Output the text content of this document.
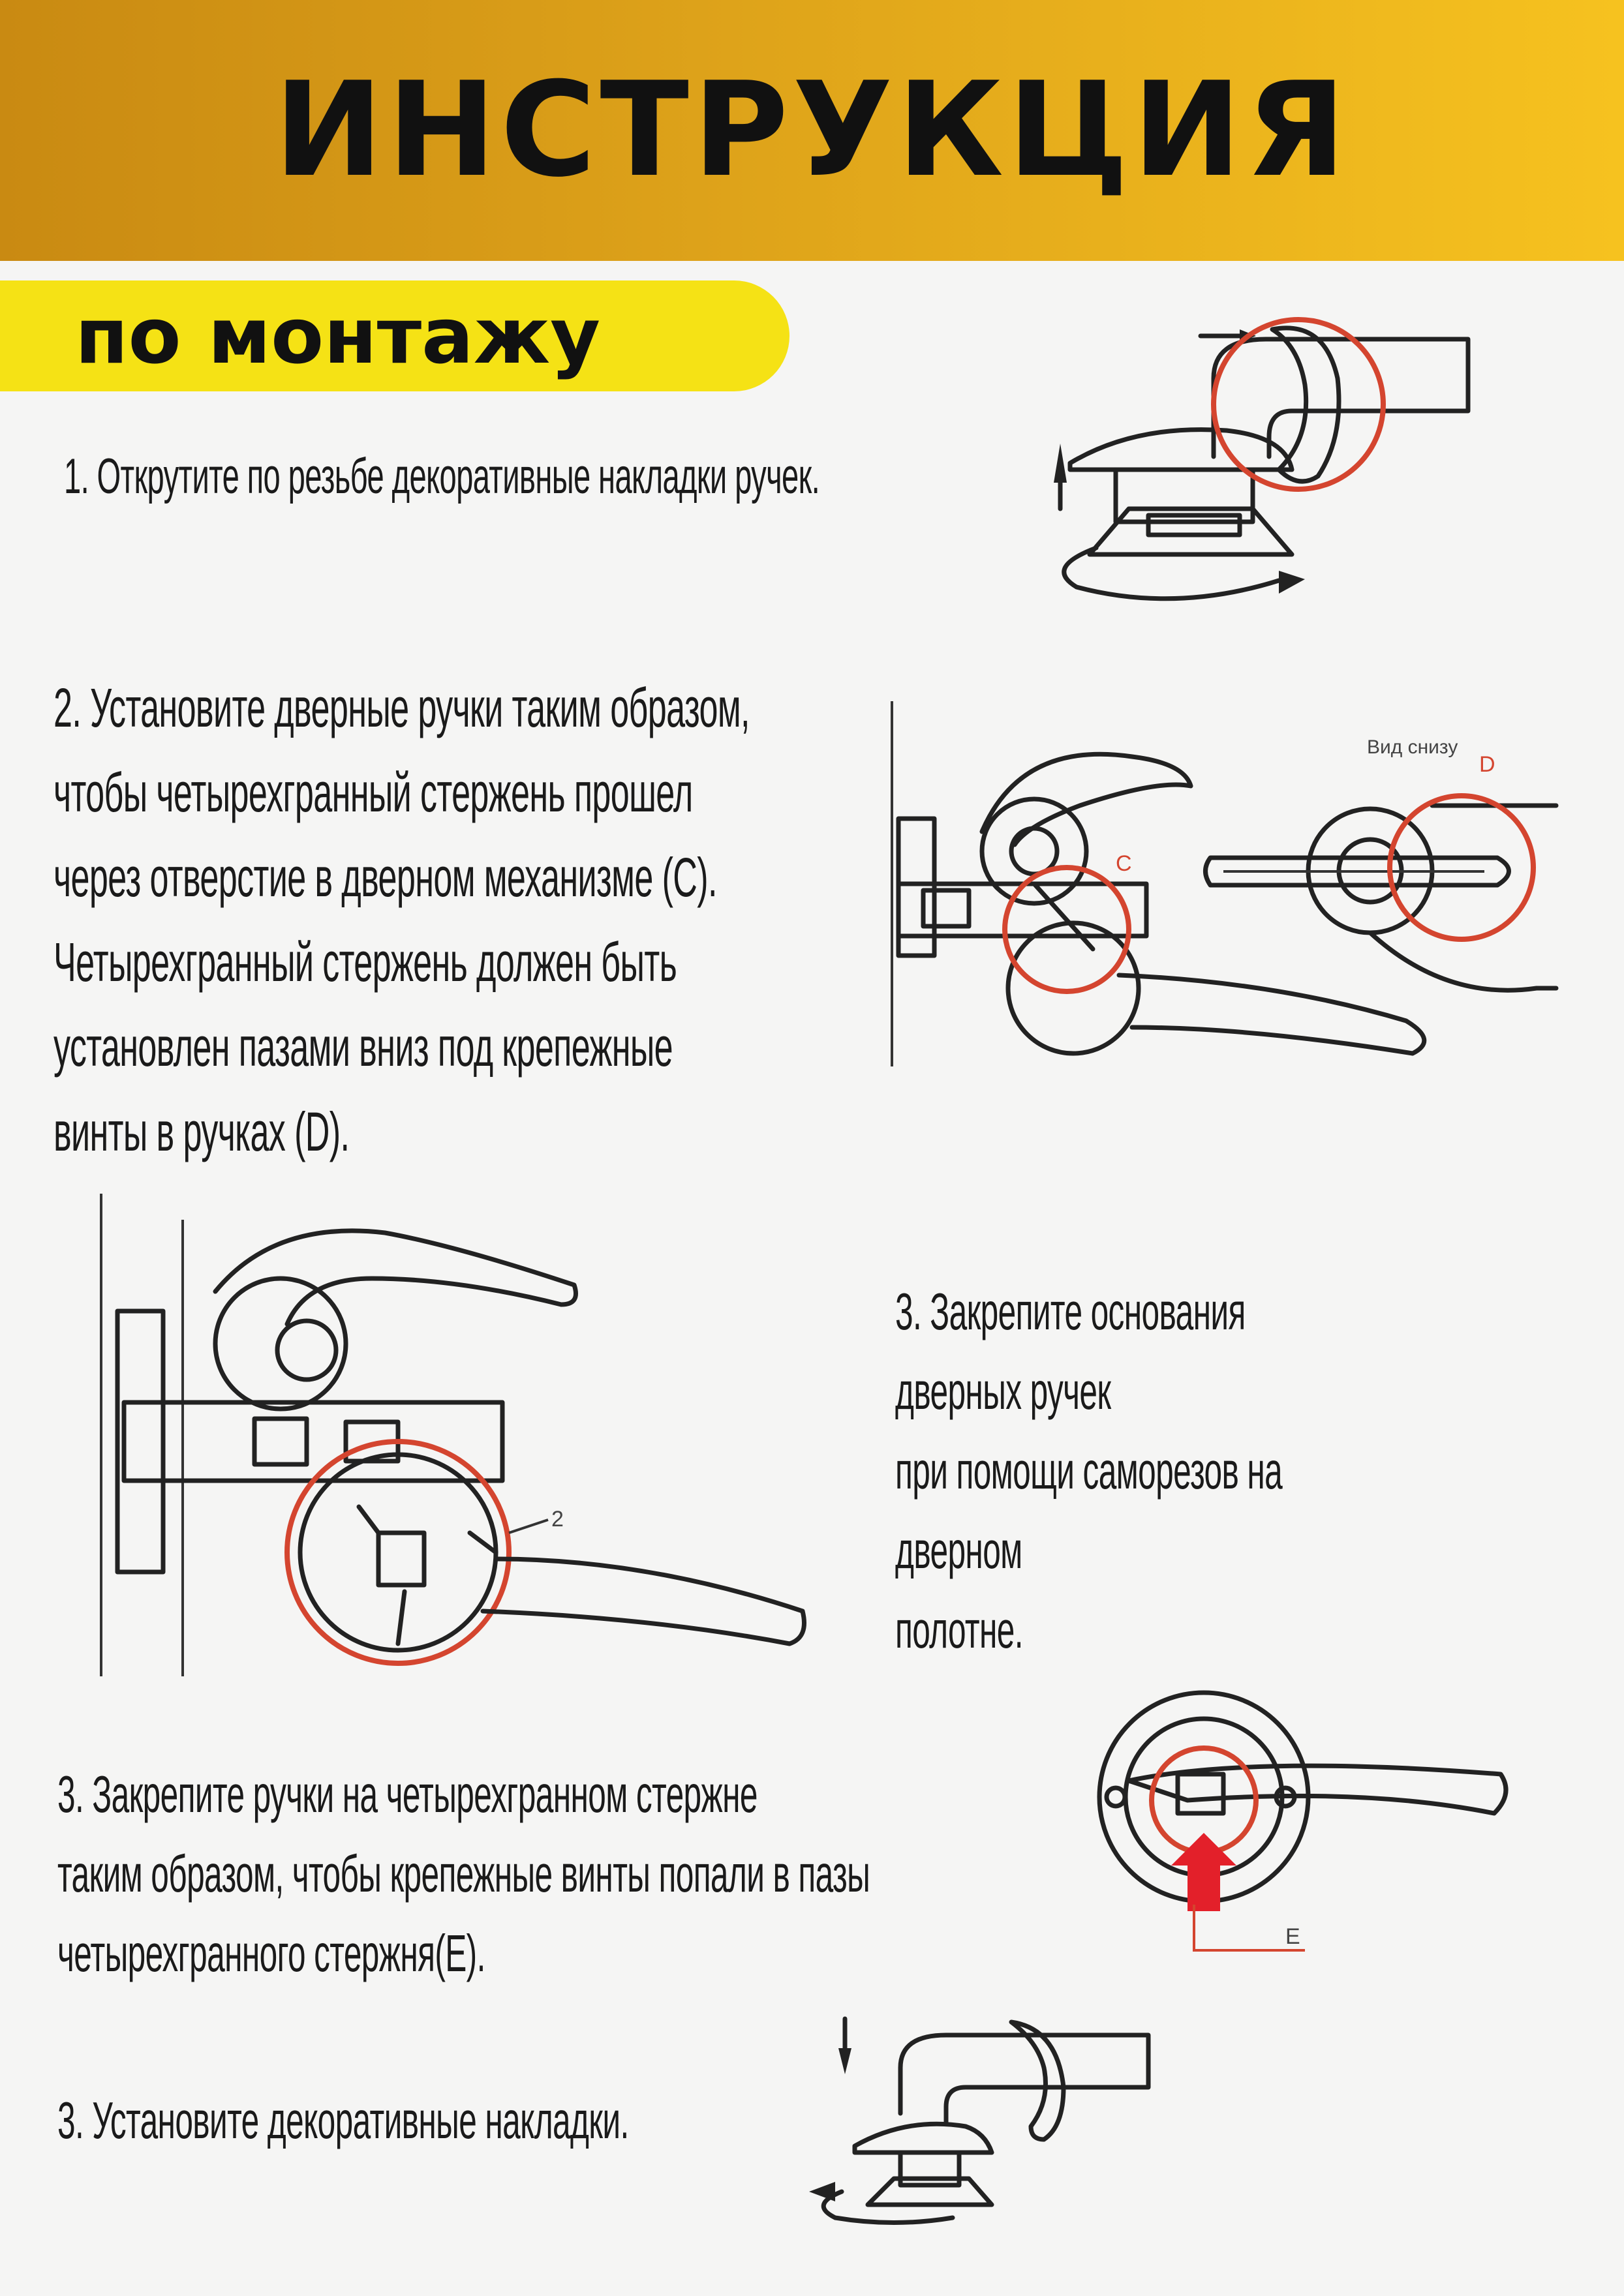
ИНСТРУКЦИЯ
по монтажу
1. Открутите по резьбе декоративные накладки ручек.
2. Установите дверные ручки таким образом,
чтобы четырехгранный стержень прошел
через отверстие в дверном механизме (С).
Четырехгранный стержень должен быть
установлен пазами вниз под крепежные
винты в ручках (D).
3. Закрепите основания дверных ручек
при помощи саморезов на дверном
полотне.
3. Закрепите ручки на четырехгранном стержне
таким образом, чтобы крепежные винты попали в пазы
четырехгранного стержня(Е).
3. Установите декоративные накладки.
C
Вид снизу
D
2
E
